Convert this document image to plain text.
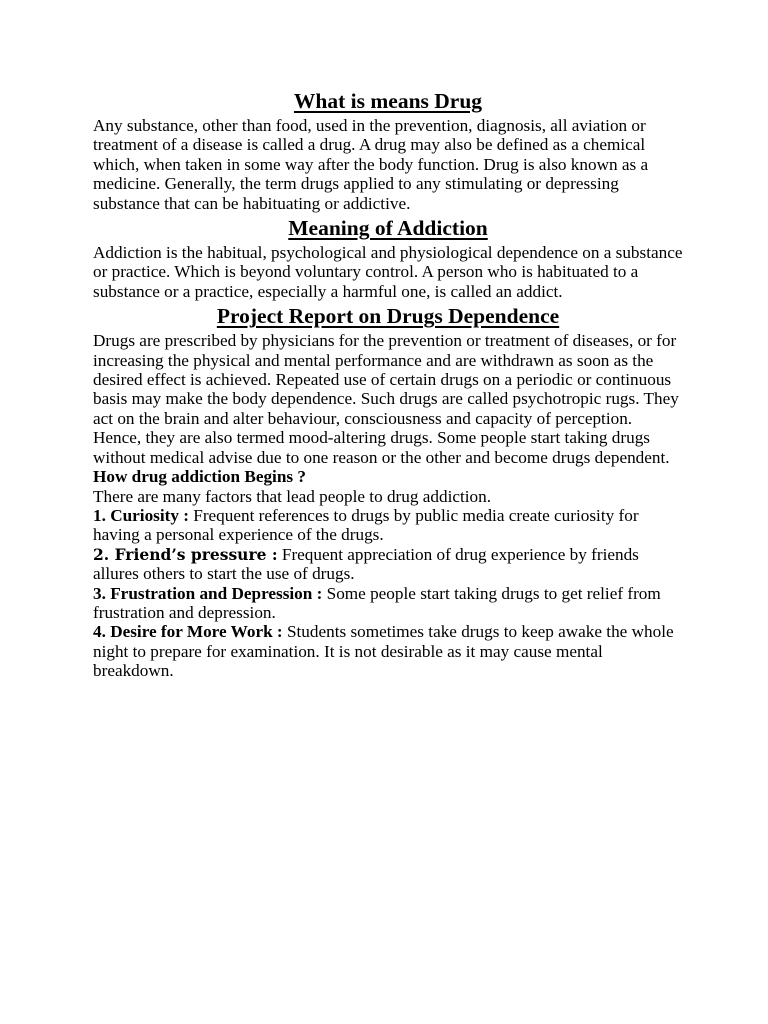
What is means Drug

Any substance, other than food, used in the prevention, diagnosis, all aviation or treatment of a disease is called a drug. A drug may also be defined as a chemical which, when taken in some way after the body function. Drug is also known as a medicine. Generally, the term drugs applied to any stimulating or depressing substance that can be habituating or addictive.

Meaning of Addiction

Addiction is the habitual, psychological and physiological dependence on a substance or practice. Which is beyond voluntary control. A person who is habituated to a substance or a practice, especially a harmful one, is called an addict.

Project Report on Drugs Dependence

Drugs are prescribed by physicians for the prevention or treatment of diseases, or for increasing the physical and mental performance and are withdrawn as soon as the desired effect is achieved. Repeated use of certain drugs on a periodic or continuous basis may make the body dependence. Such drugs are called psychotropic rugs. They act on the brain and alter behaviour, consciousness and capacity of perception. Hence, they are also termed mood-altering drugs. Some people start taking drugs without medical advise due to one reason or the other and become drugs dependent.

How drug addiction Begins ?

There are many factors that lead people to drug addiction.

1. Curiosity : Frequent references to drugs by public media create curiosity for having a personal experience of the drugs.

2. Friend’s pressure : Frequent appreciation of drug experience by friends allures others to start the use of drugs.

3. Frustration and Depression : Some people start taking drugs to get relief from frustration and depression.

4. Desire for More Work : Students sometimes take drugs to keep awake the whole night to prepare for examination. It is not desirable as it may cause mental breakdown.
